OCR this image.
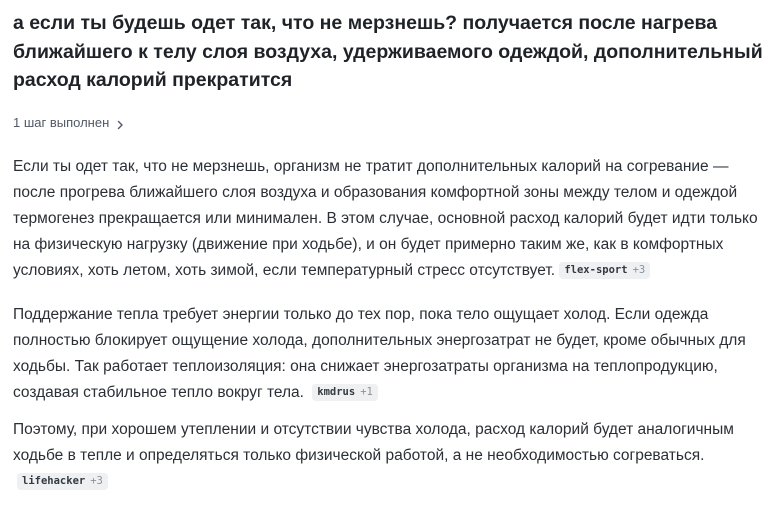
а если ты будешь одет так, что не мерзнешь? получается после нагрева ближайшего к телу слоя воздуха, удерживаемого одеждой, дополнительный расход калорий прекратится
1 шаг выполнен
Если ты одет так, что не мерзнешь, организм не тратит дополнительных калорий на согревание — после прогрева ближайшего слоя воздуха и образования комфортной зоны между телом и одеждой термогенез прекращается или минимален. В этом случае, основной расход калорий будет идти только на физическую нагрузку (движение при ходьбе), и он будет примерно таким же, как в комфортных условиях, хоть летом, хоть зимой, если температурный стресс отсутствует. flex-sport +3
Поддержание тепла требует энергии только до тех пор, пока тело ощущает холод. Если одежда полностью блокирует ощущение холода, дополнительных энергозатрат не будет, кроме обычных для ходьбы. Так работает теплоизоляция: она снижает энергозатраты организма на теплопродукцию, создавая стабильное тепло вокруг тела. kmdrus +1
Поэтому, при хорошем утеплении и отсутствии чувства холода, расход калорий будет аналогичным ходьбе в тепле и определяться только физической работой, а не необходимостью согреваться.
lifehacker +3
